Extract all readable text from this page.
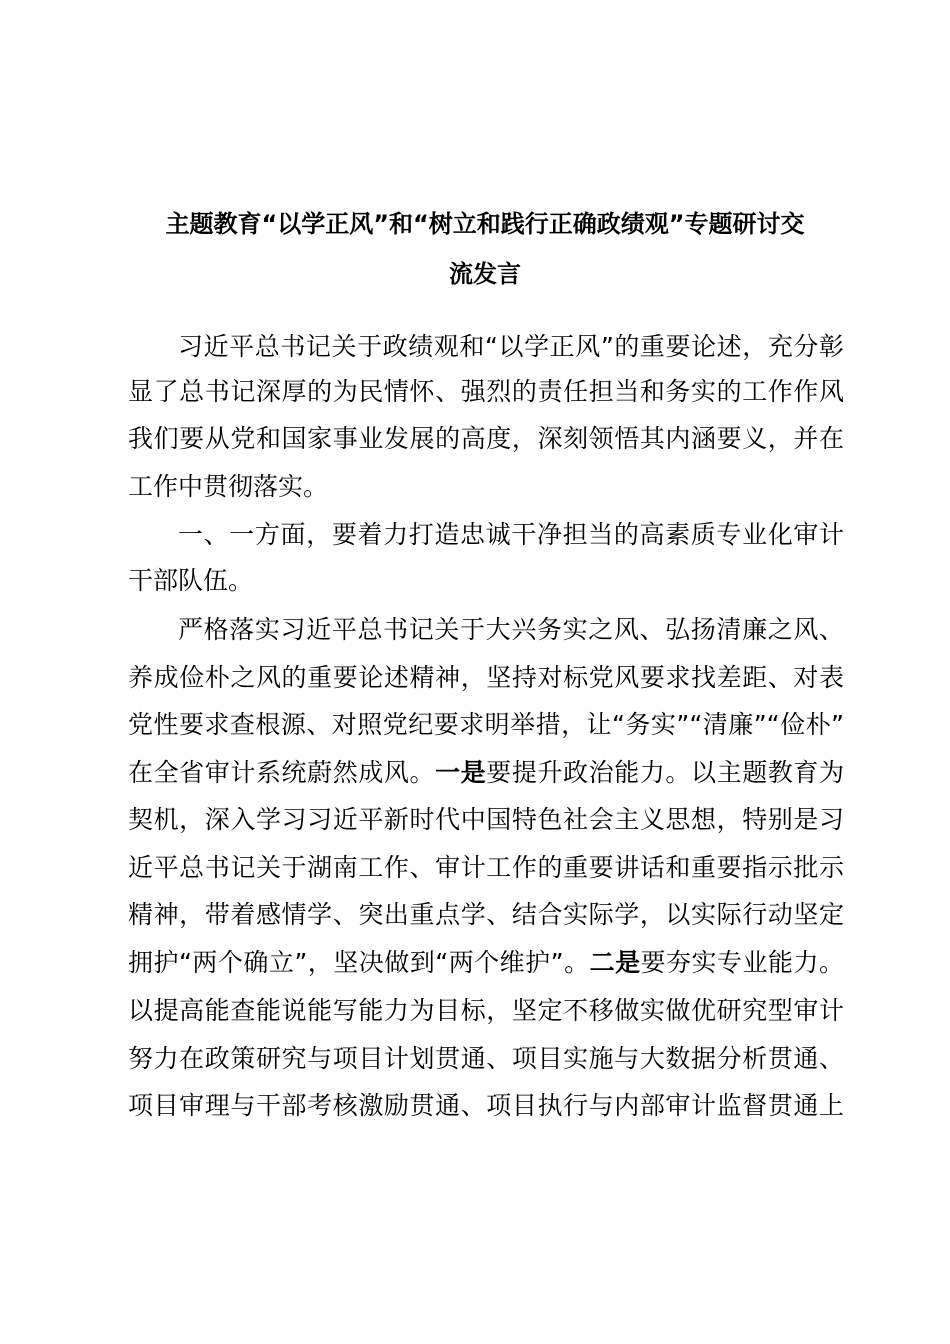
主题教育“以学正风”和“树立和践行正确政绩观”专题研讨交
流发言

习近平总书记关于政绩观和“以学正风”的重要论述，充分彰

显了总书记深厚的为民情怀、强烈的责任担当和务实的工作作风

我们要从党和国家事业发展的高度，深刻领悟其内涵要义，并在

工作中贯彻落实。

一、一方面，要着力打造忠诚干净担当的高素质专业化审计

干部队伍。

严格落实习近平总书记关于大兴务实之风、弘扬清廉之风、

养成俭朴之风的重要论述精神，坚持对标党风要求找差距、对表

党性要求查根源、对照党纪要求明举措，让“务实”“清廉”“俭朴”

在全省审计系统蔚然成风。一是要提升政治能力。以主题教育为

契机，深入学习习近平新时代中国特色社会主义思想，特别是习

近平总书记关于湖南工作、审计工作的重要讲话和重要指示批示

精神，带着感情学、突出重点学、结合实际学，以实际行动坚定

拥护“两个确立”，坚决做到“两个维护”。二是要夯实专业能力。

以提高能查能说能写能力为目标，坚定不移做实做优研究型审计

努力在政策研究与项目计划贯通、项目实施与大数据分析贯通、

项目审理与干部考核激励贯通、项目执行与内部审计监督贯通上
